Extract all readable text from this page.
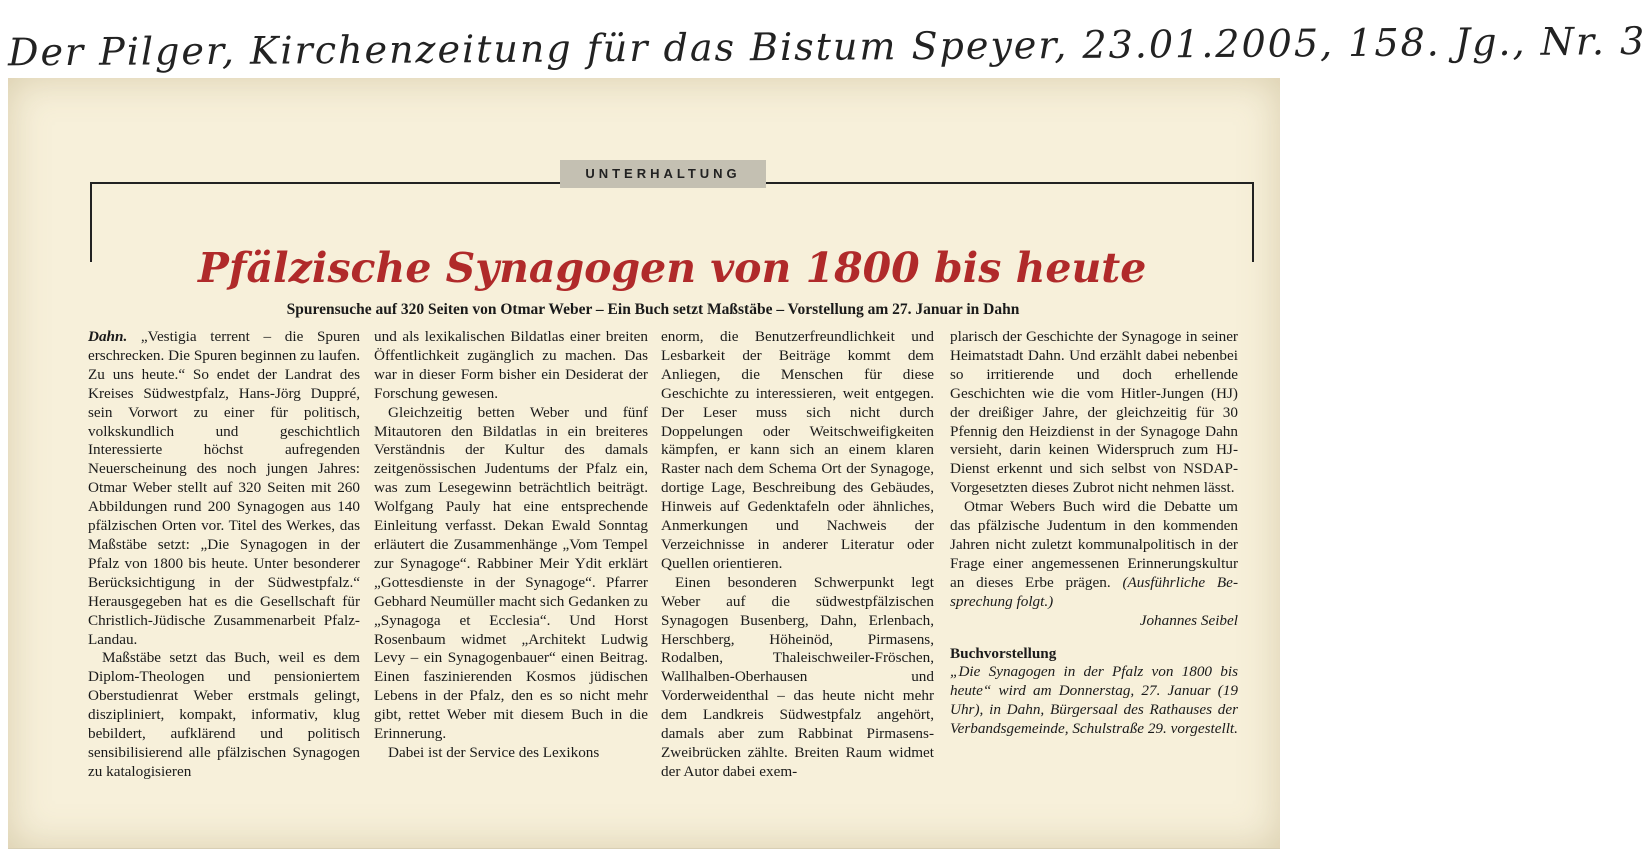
Der Pilger, Kirchenzeitung für das Bistum Speyer, 23.01.2005, 158. Jg., Nr. 3
UNTERHALTUNG
Pfälzische Synagogen von 1800 bis heute
Spurensuche auf 320 Seiten von Otmar Weber – Ein Buch setzt Maßstäbe – Vorstellung am 27. Januar in Dahn

Dahn. „Vestigia terrent – die Spuren erschrecken. Die Spuren beginnen zu laufen. Zu uns heute.“ So endet der Landrat des Kreises Südwestpfalz, Hans-Jörg Duppré, sein Vorwort zu einer für politisch, volkskundlich und geschichtlich Interessierte höchst aufregenden Neuerscheinung des noch jungen Jahres: Otmar Weber stellt auf 320 Seiten mit 260 Abbildungen rund 200 Synagogen aus 140 pfälzischen Orten vor. Titel des Werkes, das Maßstäbe setzt: „Die Synagogen in der Pfalz von 1800 bis heute. Unter besonderer Berücksichtigung in der Südwestpfalz.“ Herausgegeben hat es die Gesellschaft für Christlich-Jüdische Zusammenarbeit Pfalz-Landau.

Maßstäbe setzt das Buch, weil es dem Diplom-Theologen und pensioniertem Oberstudienrat Weber erstmals gelingt, diszipliniert, kompakt, informativ, klug bebildert, aufklärend und politisch sensibilisierend alle pfälzischen Synagogen zu katalogisieren

und als lexikalischen Bildatlas einer breiten Öffentlichkeit zugänglich zu machen. Das war in dieser Form bisher ein Desiderat der Forschung gewesen.

Gleichzeitig betten Weber und fünf Mitautoren den Bildatlas in ein breiteres Verständnis der Kultur des damals zeitgenössischen Judentums der Pfalz ein, was zum Lesegewinn beträchtlich beiträgt. Wolfgang Pauly hat eine entsprechende Einleitung verfasst. Dekan Ewald Sonntag erläutert die Zusammenhänge „Vom Tempel zur Synagoge“. Rabbiner Meir Ydit erklärt „Gottesdienste in der Synagoge“. Pfarrer Gebhard Neumüller macht sich Gedanken zu „Synagoga et Ecclesia“. Und Horst Rosenbaum widmet „Architekt Ludwig Levy – ein Synagogenbauer“ einen Beitrag. Einen faszinierenden Kosmos jüdischen Lebens in der Pfalz, den es so nicht mehr gibt, rettet Weber mit diesem Buch in die Erinnerung.

Dabei ist der Service des Lexikons

enorm, die Benutzerfreundlichkeit und Lesbarkeit der Beiträge kommt dem Anliegen, die Menschen für diese Geschichte zu interessieren, weit entgegen. Der Leser muss sich nicht durch Doppelungen oder Weitschweifigkeiten kämpfen, er kann sich an einem klaren Raster nach dem Schema Ort der Synagoge, dortige Lage, Beschreibung des Gebäudes, Hinweis auf Gedenktafeln oder ähnliches, Anmerkungen und Nachweis der Verzeichnisse in anderer Literatur oder Quellen orientieren.

Einen besonderen Schwerpunkt legt Weber auf die südwestpfälzischen Synagogen Busenberg, Dahn, Erlenbach, Herschberg, Höheinöd, Pirmasens, Rodalben, Thaleischweiler-Fröschen, Wallhalben-Oberhausen und Vorderweidenthal – das heute nicht mehr dem Landkreis Südwestpfalz angehört, damals aber zum Rabbinat Pirmasens-Zweibrücken zählte. Breiten Raum widmet der Autor dabei exem-

plarisch der Geschichte der Synagoge in seiner Heimatstadt Dahn. Und erzählt dabei nebenbei so irritierende und doch erhellende Geschichten wie die vom Hitler-Jungen (HJ) der dreißiger Jahre, der gleichzeitig für 30 Pfennig den Heizdienst in der Synagoge Dahn versieht, darin keinen Widerspruch zum HJ-Dienst erkennt und sich selbst von NSDAP-Vorgesetzten dieses Zubrot nicht nehmen lässt.

Otmar Webers Buch wird die Debatte um das pfälzische Judentum in den kommenden Jahren nicht zuletzt kommunalpolitisch in der Frage einer angemessenen Erinnerungskultur an dieses Erbe prägen. (Ausführliche Besprechung folgt.)

Johannes Seibel

Buchvorstellung

„Die Synagogen in der Pfalz von 1800 bis heute“ wird am Donnerstag, 27. Januar (19 Uhr), in Dahn, Bürgersaal des Rathauses der Verbandsgemeinde, Schulstraße 29. vorgestellt.
